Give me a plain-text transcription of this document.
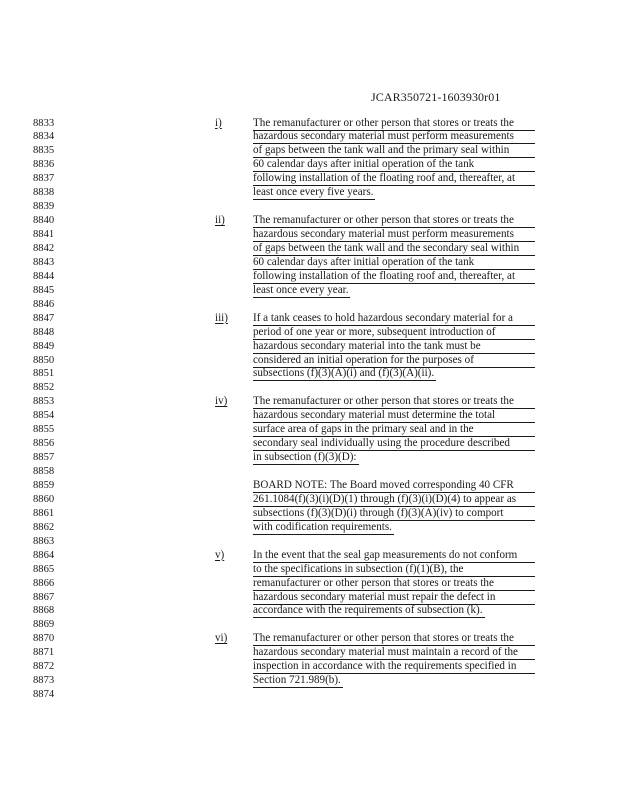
JCAR350721-1603930r01
8833	i)	The remanufacturer or other person that stores or treats the
8834	hazardous secondary material must perform measurements
8835	of gaps between the tank wall and the primary seal within
8836	60 calendar days after initial operation of the tank
8837	following installation of the floating roof and, thereafter, at
8838	least once every five years.
8839
8840	ii)	The remanufacturer or other person that stores or treats the
8841	hazardous secondary material must perform measurements
8842	of gaps between the tank wall and the secondary seal within
8843	60 calendar days after initial operation of the tank
8844	following installation of the floating roof and, thereafter, at
8845	least once every year.
8846
8847	iii) If a tank ceases to hold hazardous secondary material for a
8848	period of one year or more, subsequent introduction of
8849	hazardous secondary material into the tank must be
8850	considered an initial operation for the purposes of
8851	subsections (f)(3)(A)(i) and (f)(3)(A)(ii).
8852
8853	iv) The remanufacturer or other person that stores or treats the
8854	hazardous secondary material must determine the total
8855	surface area of gaps in the primary seal and in the
8856	secondary seal individually using the procedure described
8857	in subsection (f)(3)(D):
8858
8859	BOARD NOTE: The Board moved corresponding 40 CFR
8860	261.1084(f)(3)(i)(D)(1) through (f)(3)(i)(D)(4) to appear as
8861	subsections (f)(3)(D)(i) through (f)(3)(A)(iv) to comport
8862	with codification requirements.
8863
8864	v)	In the event that the seal gap measurements do not conform
8865	to the specifications in subsection (f)(1)(B), the
8866	remanufacturer or other person that stores or treats the
8867	hazardous secondary material must repair the defect in
8868	accordance with the requirements of subsection (k).
8869
8870	vi) The remanufacturer or other person that stores or treats the
8871	hazardous secondary material must maintain a record of the
8872	inspection in accordance with the requirements specified in
8873	Section 721.989(b).
8874
